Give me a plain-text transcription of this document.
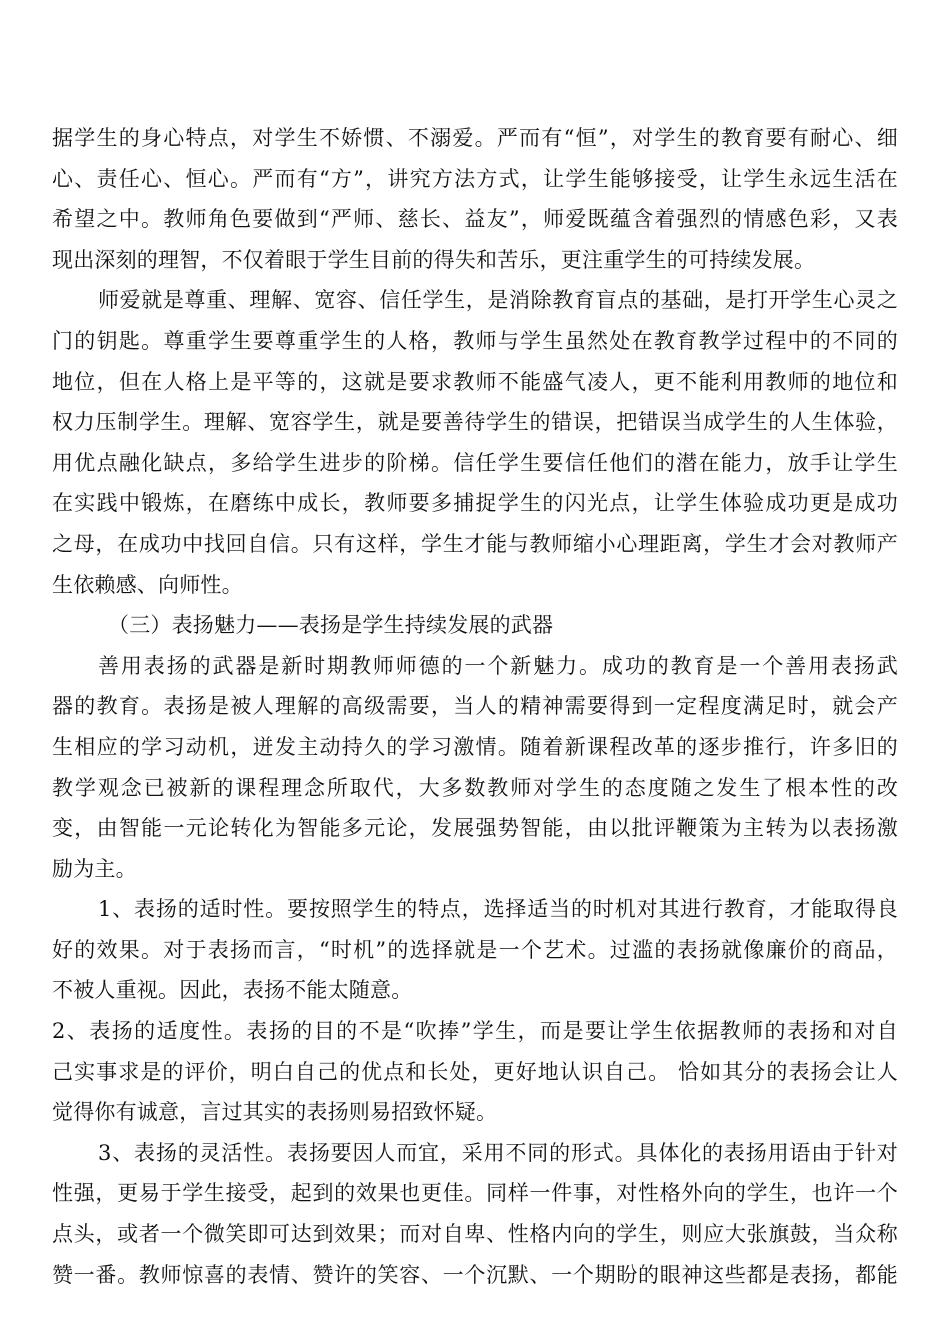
据学生的身心特点，对学生不娇惯、不溺爱。严而有“恒”，对学生的教育要有耐心、细
心、责任心、恒心。严而有“方”，讲究方法方式，让学生能够接受，让学生永远生活在
希望之中。教师角色要做到“严师、慈长、益友”，师爱既蕴含着强烈的情感色彩，又表
现出深刻的理智，不仅着眼于学生目前的得失和苦乐，更注重学生的可持续发展。
师爱就是尊重、理解、宽容、信任学生，是消除教育盲点的基础，是打开学生心灵之
门的钥匙。尊重学生要尊重学生的人格，教师与学生虽然处在教育教学过程中的不同的
地位，但在人格上是平等的，这就是要求教师不能盛气凌人，更不能利用教师的地位和
权力压制学生。理解、宽容学生，就是要善待学生的错误，把错误当成学生的人生体验，
用优点融化缺点，多给学生进步的阶梯。信任学生要信任他们的潜在能力，放手让学生
在实践中锻炼，在磨练中成长，教师要多捕捉学生的闪光点，让学生体验成功更是成功
之母，在成功中找回自信。只有这样，学生才能与教师缩小心理距离，学生才会对教师产
生依赖感、向师性。
（三）表扬魅力——表扬是学生持续发展的武器
善用表扬的武器是新时期教师师德的一个新魅力。成功的教育是一个善用表扬武
器的教育。表扬是被人理解的高级需要，当人的精神需要得到一定程度满足时，就会产
生相应的学习动机，迸发主动持久的学习激情。随着新课程改革的逐步推行，许多旧的
教学观念已被新的课程理念所取代，大多数教师对学生的态度随之发生了根本性的改
变，由智能一元论转化为智能多元论，发展强势智能，由以批评鞭策为主转为以表扬激
励为主。
1、表扬的适时性。要按照学生的特点，选择适当的时机对其进行教育，才能取得良
好的效果。对于表扬而言，“时机”的选择就是一个艺术。过滥的表扬就像廉价的商品，
不被人重视。因此，表扬不能太随意。
2、表扬的适度性。表扬的目的不是“吹捧”学生，而是要让学生依据教师的表扬和对自
己实事求是的评价，明白自己的优点和长处，更好地认识自己。 恰如其分的表扬会让人
觉得你有诚意，言过其实的表扬则易招致怀疑。
3、表扬的灵活性。表扬要因人而宜，采用不同的形式。具体化的表扬用语由于针对
性强，更易于学生接受，起到的效果也更佳。同样一件事，对性格外向的学生，也许一个
点头，或者一个微笑即可达到效果；而对自卑、性格内向的学生，则应大张旗鼓，当众称
赞一番。教师惊喜的表情、赞许的笑容、一个沉默、一个期盼的眼神这些都是表扬，都能
